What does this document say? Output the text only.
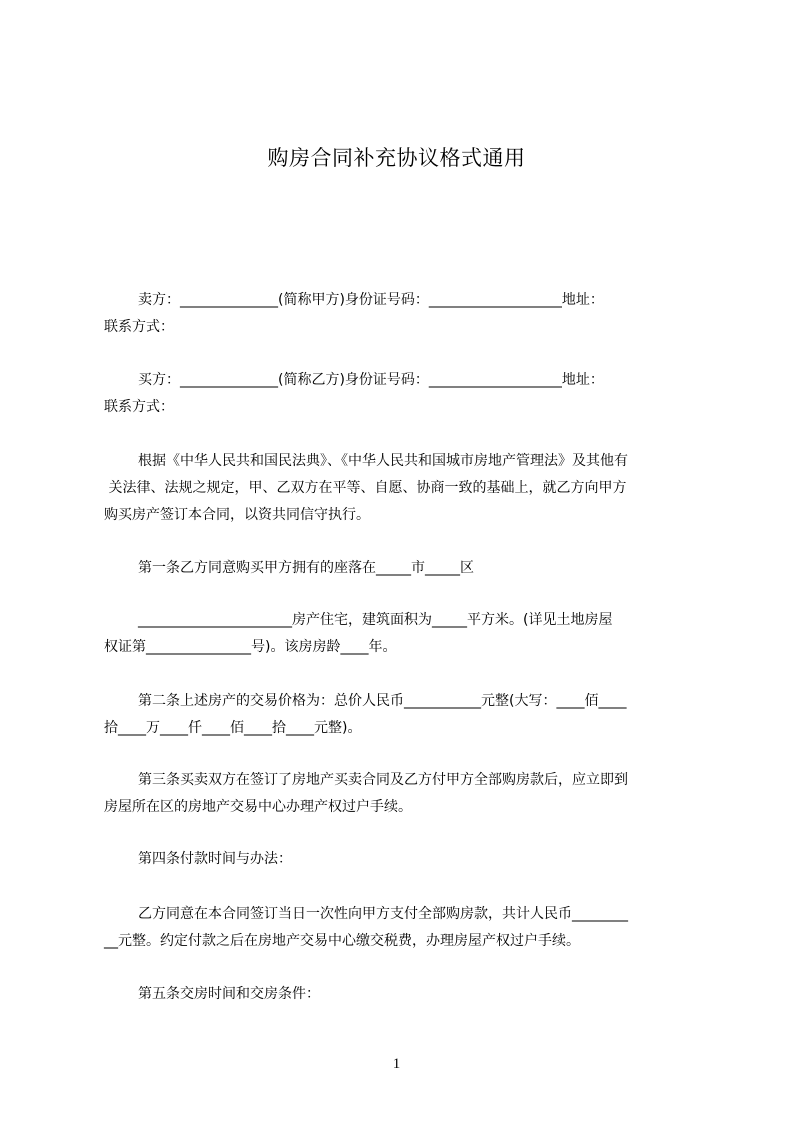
购房合同补充协议格式通用
卖方：______________(简称甲方)身份证号码：___________________地址：
联系方式：
买方：______________(简称乙方)身份证号码：___________________地址：
联系方式：
根据《中华人民共和国民法典》、《中华人民共和国城市房地产管理法》及其他有
关法律、法规之规定，甲、乙双方在平等、自愿、协商一致的基础上，就乙方向甲方
购买房产签订本合同，以资共同信守执行。
第一条乙方同意购买甲方拥有的座落在_____市_____区
______________________房产住宅，建筑面积为_____平方米。(详见土地房屋
权证第_______________号)。该房房龄____年。
第二条上述房产的交易价格为：总价人民币___________元整(大写：____佰____
拾____万____仟____佰____拾____元整)。
第三条买卖双方在签订了房地产买卖合同及乙方付甲方全部购房款后，应立即到
房屋所在区的房地产交易中心办理产权过户手续。
第四条付款时间与办法：
乙方同意在本合同签订当日一次性向甲方支付全部购房款，共计人民币________
__元整。约定付款之后在房地产交易中心缴交税费，办理房屋产权过户手续。
第五条交房时间和交房条件：
1
